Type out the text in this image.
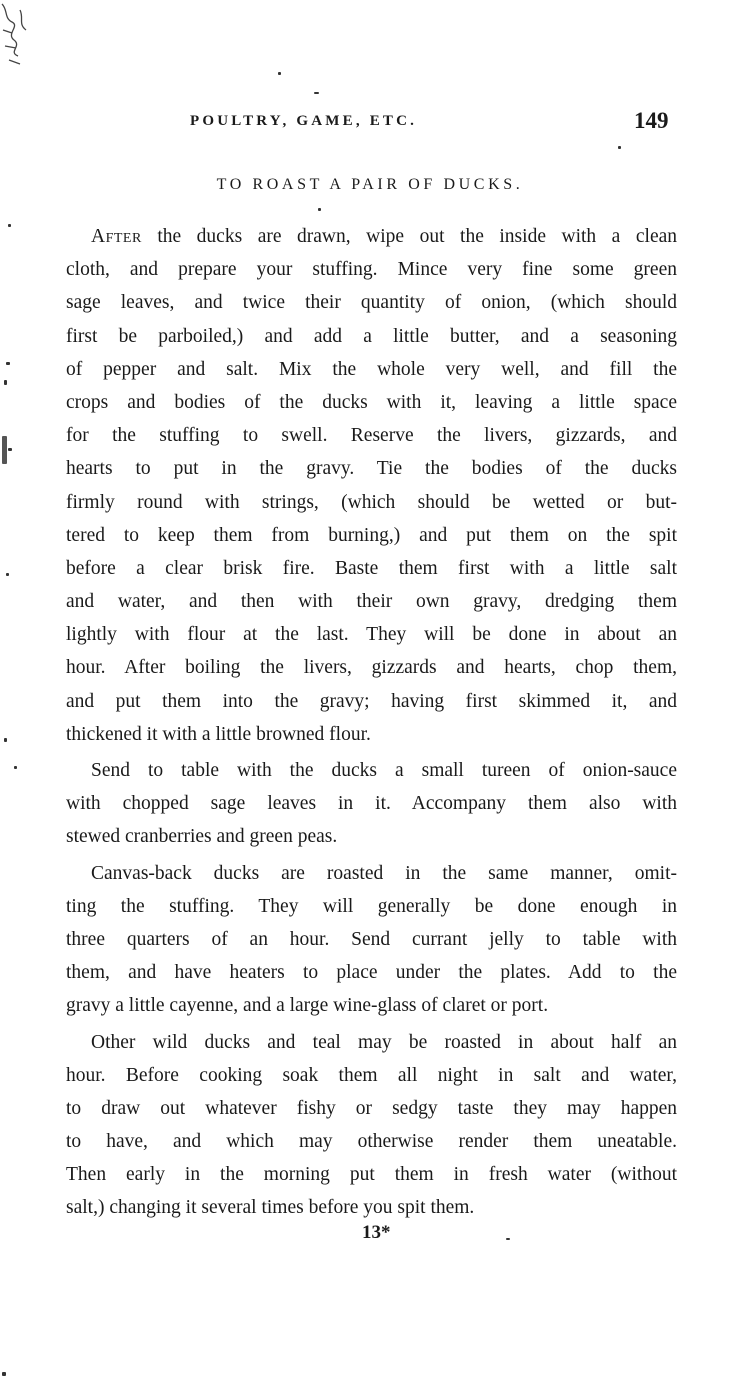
POULTRY, GAME, ETC.	149
TO ROAST A PAIR OF DUCKS.
After the ducks are drawn, wipe out the inside with a clean
cloth, and prepare your stuffing. Mince very fine some green
sage leaves, and twice their quantity of onion, (which should
first be parboiled,) and add a little butter, and a seasoning
of pepper and salt. Mix the whole very well, and fill the
crops and bodies of the ducks with it, leaving a little space
for the stuffing to swell. Reserve the livers, gizzards, and
hearts to put in the gravy. Tie the bodies of the ducks
firmly round with strings, (which should be wetted or but-
tered to keep them from burning,) and put them on the spit
before a clear brisk fire. Baste them first with a little salt
and water, and then with their own gravy, dredging them
lightly with flour at the last. They will be done in about an
hour. After boiling the livers, gizzards and hearts, chop them,
and put them into the gravy; having first skimmed it, and
thickened it with a little browned flour.
Send to table with the ducks a small tureen of onion-sauce
with chopped sage leaves in it. Accompany them also with
stewed cranberries and green peas.
Canvas-back ducks are roasted in the same manner, omit-
ting the stuffing. They will generally be done enough in
three quarters of an hour. Send currant jelly to table with
them, and have heaters to place under the plates. Add to the
gravy a little cayenne, and a large wine-glass of claret or port.
Other wild ducks and teal may be roasted in about half an
hour. Before cooking soak them all night in salt and water,
to draw out whatever fishy or sedgy taste they may happen
to have, and which may otherwise render them uneatable.
Then early in the morning put them in fresh water (without
salt,) changing it several times before you spit them.
13*
